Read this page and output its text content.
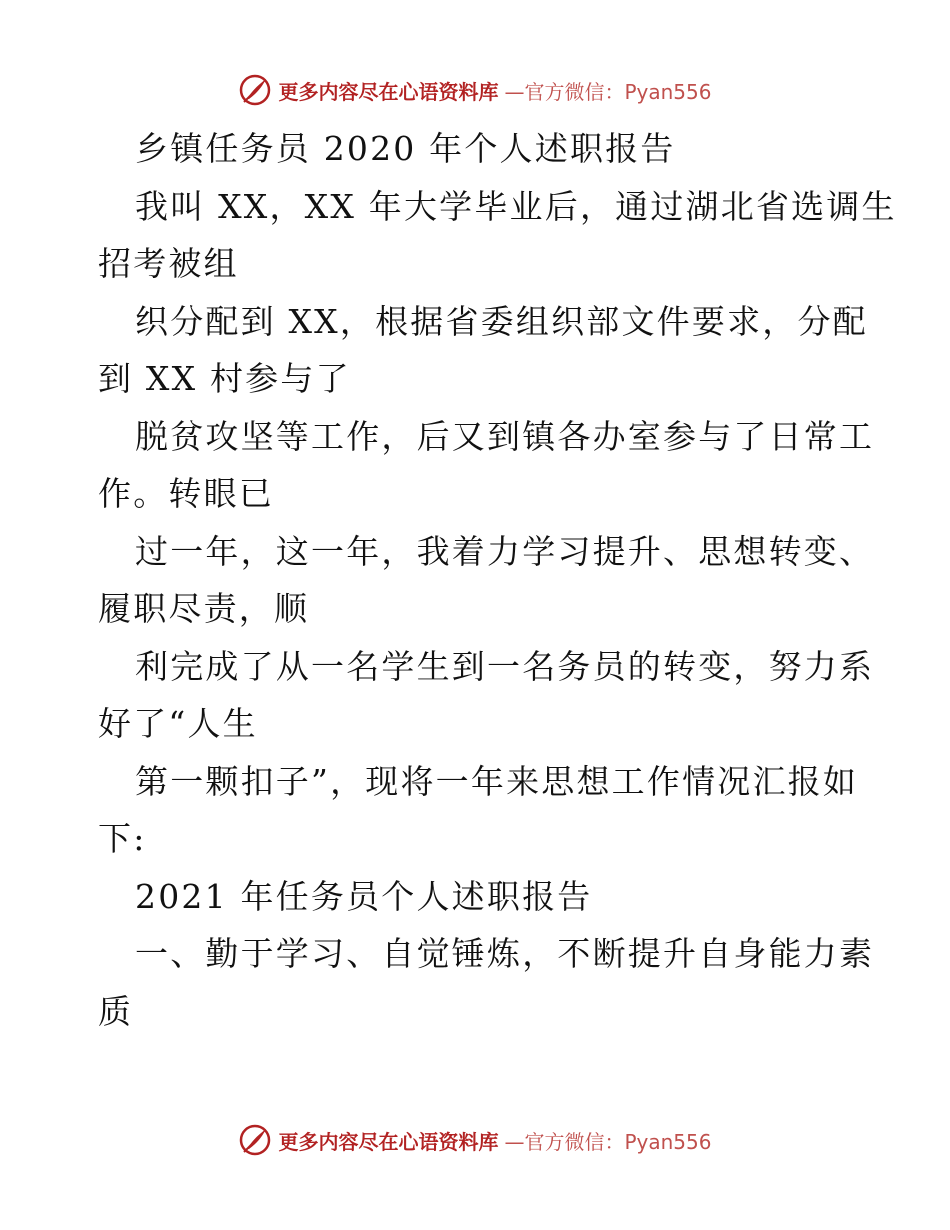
更多内容尽在心语资料库 —官方微信：Pyan556
乡镇任务员 2020 年个人述职报告
我叫 XX，XX 年大学毕业后，通过湖北省选调生
招考被组
织分配到 XX，根据省委组织部文件要求，分配
到 XX 村参与了
脱贫攻坚等工作，后又到镇各办室参与了日常工
作。转眼已
过一年，这一年，我着力学习提升、思想转变、
履职尽责，顺
利完成了从一名学生到一名务员的转变，努力系
好了“人生
第一颗扣子”，现将一年来思想工作情况汇报如
下:
2021 年任务员个人述职报告
一、勤于学习、自觉锤炼，不断提升自身能力素
质
更多内容尽在心语资料库 —官方微信：Pyan556
